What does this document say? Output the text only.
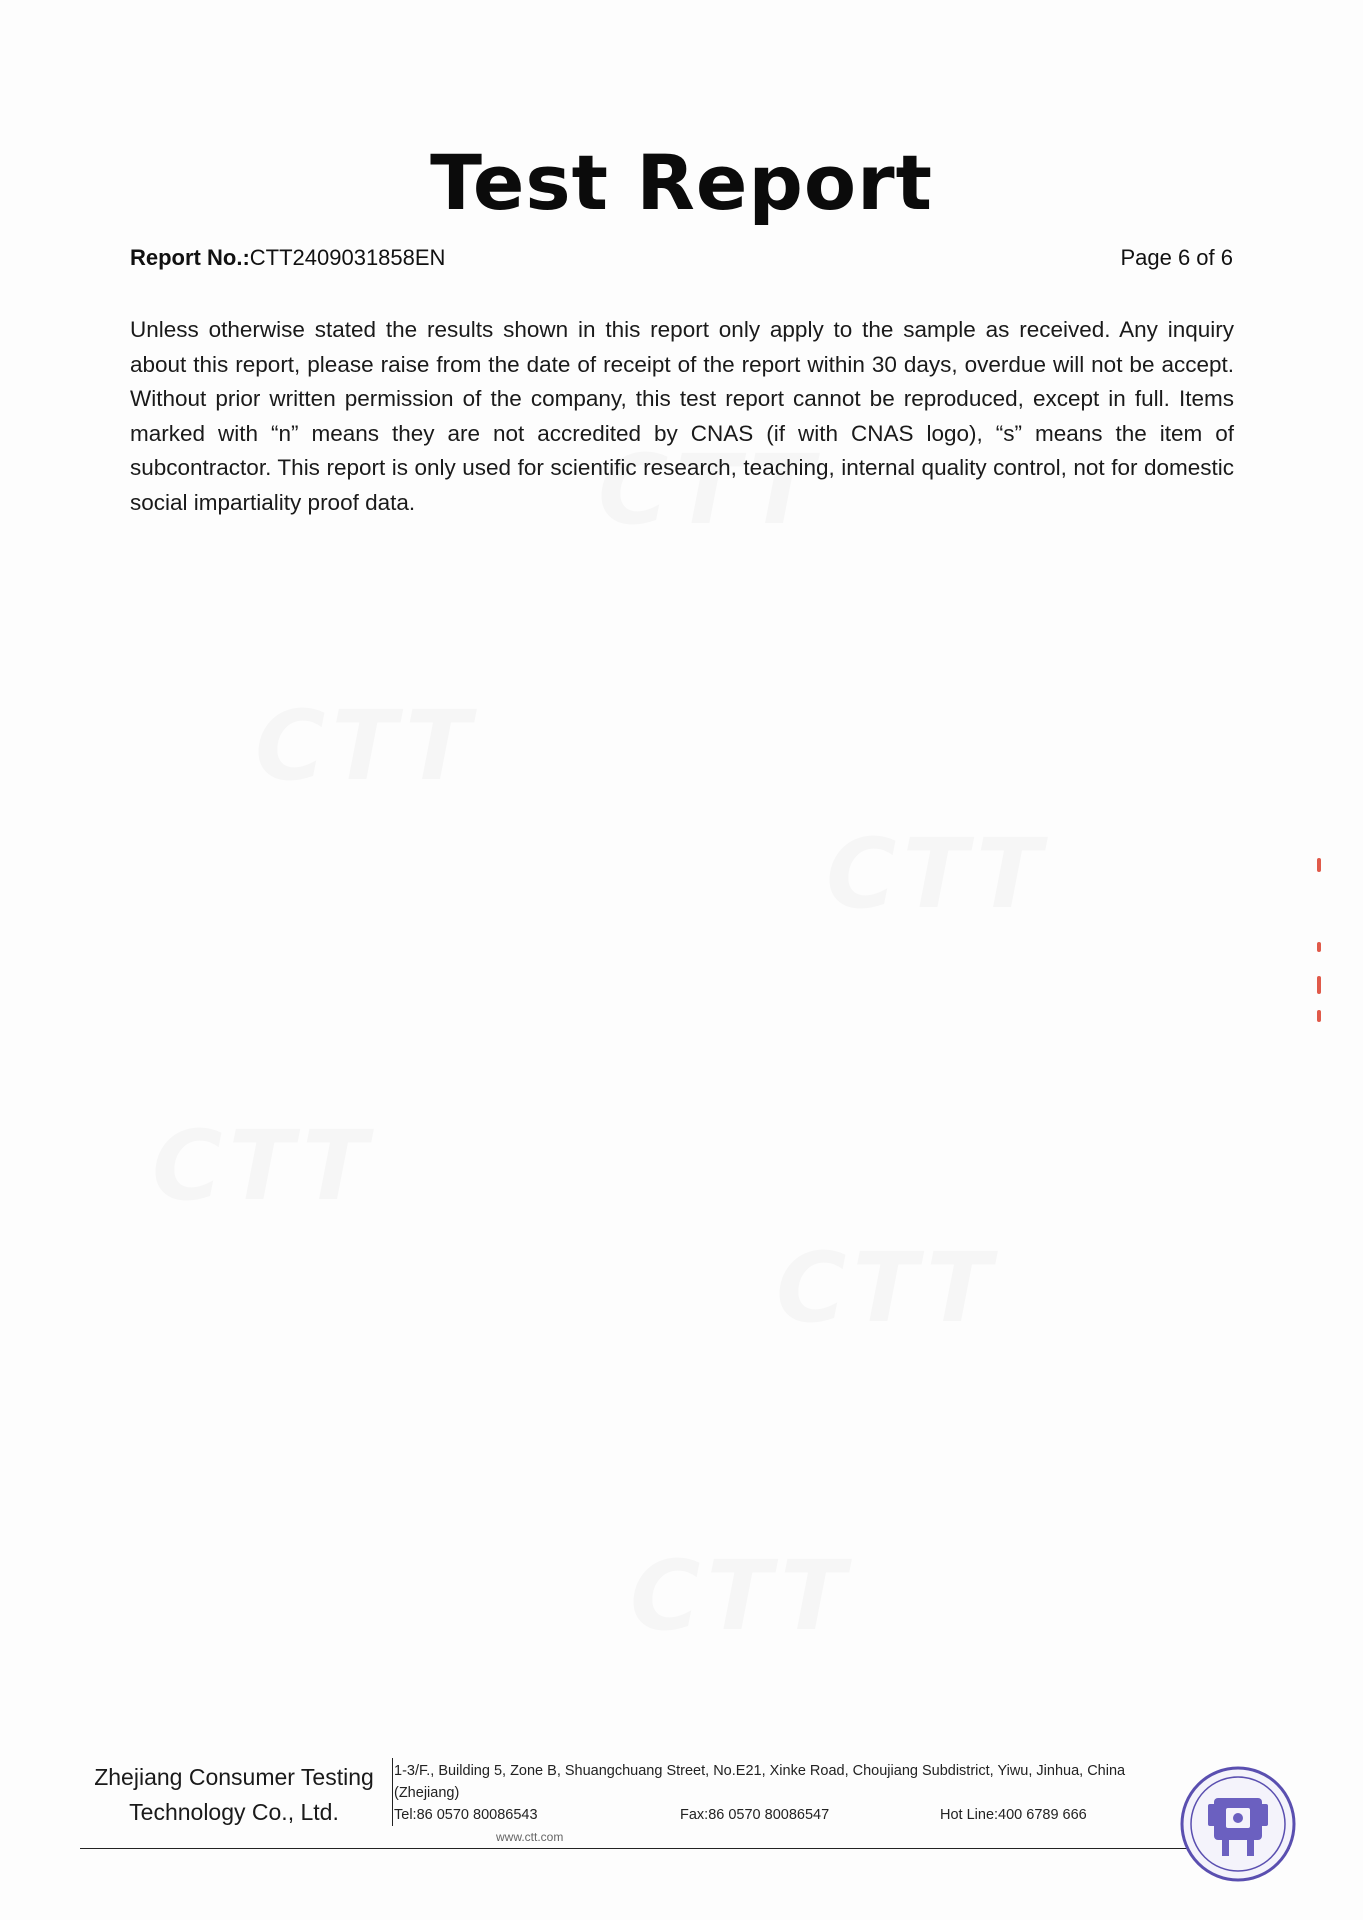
Test Report
Report No.:CTT2409031858EN	Page 6 of 6
Unless otherwise stated the results shown in this report only apply to the sample as received. Any inquiry about this report, please raise from the date of receipt of the report within 30 days, overdue will not be accept. Without prior written permission of the company, this test report cannot be reproduced, except in full. Items marked with “n” means they are not accredited by CNAS (if with CNAS logo), “s” means the item of subcontractor. This report is only used for scientific research, teaching, internal quality control, not for domestic social impartiality proof data.
Zhejiang Consumer Testing
Technology Co., Ltd.
1-3/F., Building 5, Zone B, Shuangchuang Street, No.E21, Xinke Road, Choujiang Subdistrict, Yiwu, Jinhua, China (Zhejiang)
Tel:86 0570 80086543	Fax:86 0570 80086547	Hot Line:400 6789 666
www.ctt.com
